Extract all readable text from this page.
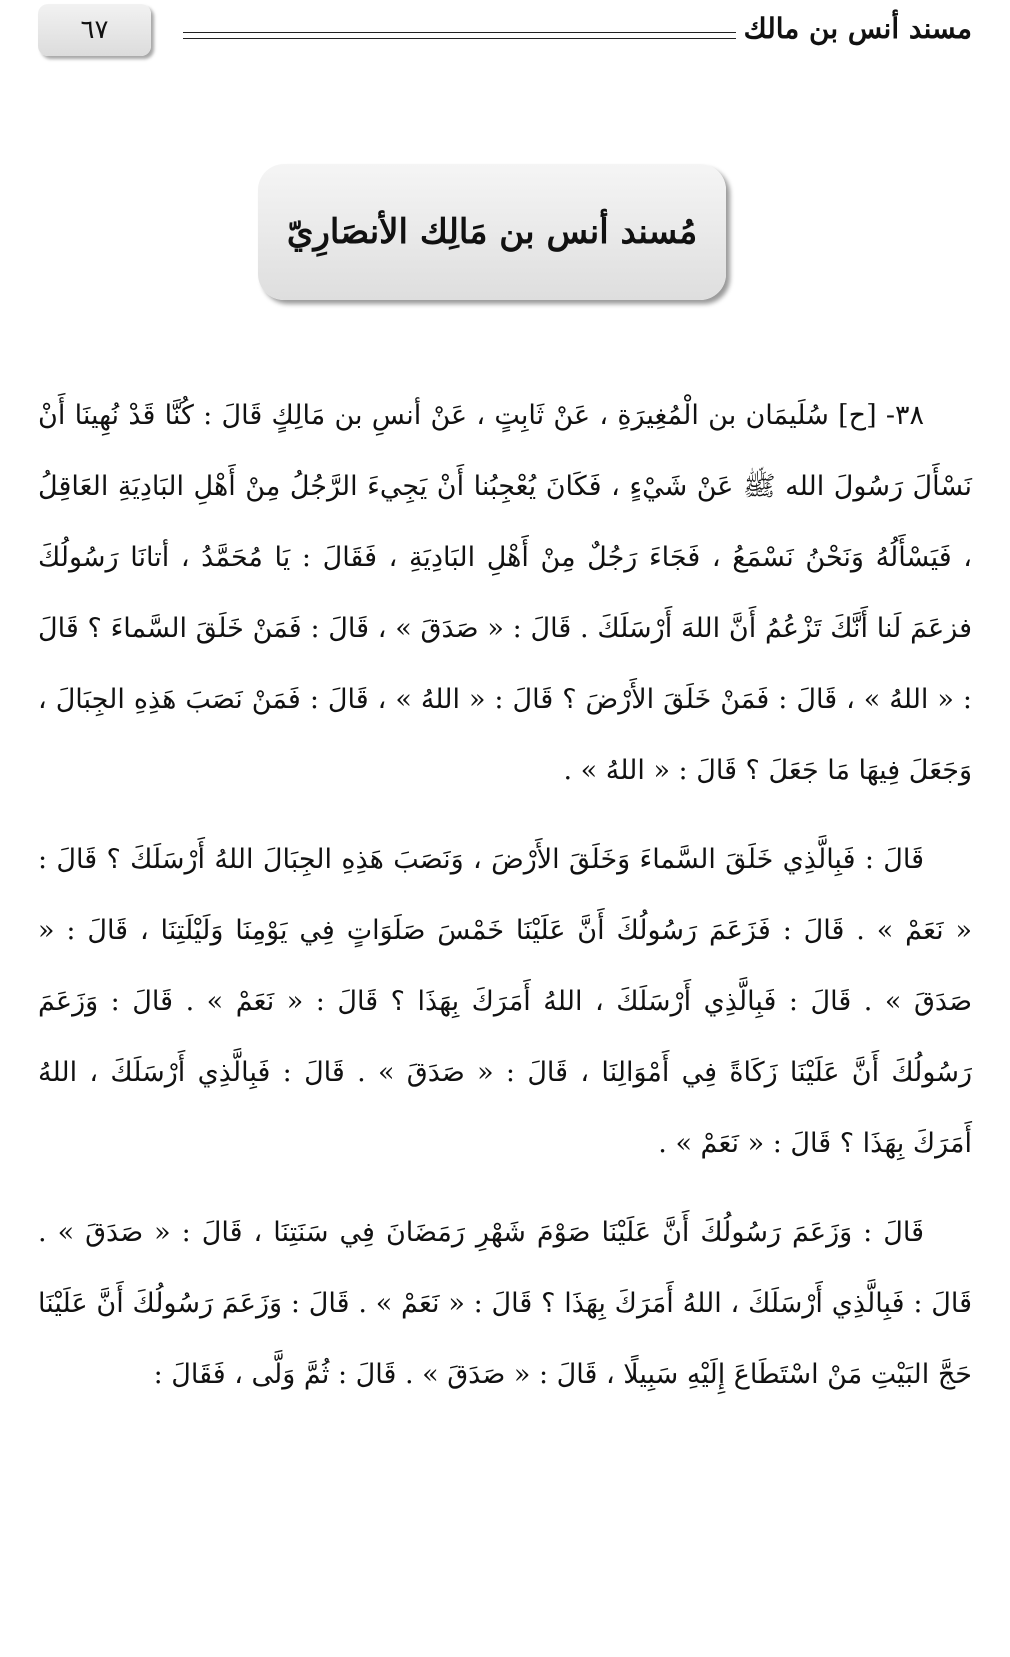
٦٧	مسند أنس بن مالك
مُسند أنس بن مَالِك الأنصَارِيّ

٣٨- [ح] سُلَيمَان بن الْمُغِيرَةِ ، عَنْ ثَابِتٍ ، عَنْ أنسِ بن مَالِكٍ قَالَ : كُنَّا قَدْ نُهِينَا أَنْ نَسْأَلَ رَسُولَ الله ﷺ عَنْ شَيْءٍ ، فَكَانَ يُعْجِبُنا أَنْ يَجِيءَ الرَّجُلُ مِنْ أَهْلِ البَادِيَةِ العَاقِلُ ، فَيَسْأَلُهُ وَنَحْنُ نَسْمَعُ ، فَجَاءَ رَجُلٌ مِنْ أَهْلِ البَادِيَةِ ، فَقَالَ : يَا مُحَمَّدُ ، أتانَا رَسُولُكَ فزعَمَ لَنا أَنَّكَ تَزْعُمُ أَنَّ اللهَ أَرْسَلَكَ . قَالَ : « صَدَقَ » ، قَالَ : فَمَنْ خَلَقَ السَّماءَ ؟ قَالَ : « اللهُ » ، قَالَ : فَمَنْ خَلَقَ الأَرْضَ ؟ قَالَ : « اللهُ » ، قَالَ : فَمَنْ نَصَبَ هَذِهِ الجِبَالَ ، وَجَعَلَ فِيهَا مَا جَعَلَ ؟ قَالَ : « اللهُ » .

قَالَ : فَبِالَّذِي خَلَقَ السَّماءَ وَخَلَقَ الأَرْضَ ، وَنَصَبَ هَذِهِ الجِبَالَ اللهُ أَرْسَلَكَ ؟ قَالَ : « نَعَمْ » . قَالَ : فَزَعَمَ رَسُولُكَ أَنَّ عَلَيْنَا خَمْسَ صَلَوَاتٍ فِي يَوْمِنَا وَلَيْلَتِنَا ، قَالَ : « صَدَقَ » . قَالَ : فَبِالَّذِي أَرْسَلَكَ ، اللهُ أَمَرَكَ بِهَذَا ؟ قَالَ : « نَعَمْ » . قَالَ : وَزَعَمَ رَسُولُكَ أَنَّ عَلَيْنَا زَكَاةً فِي أَمْوَالِنَا ، قَالَ : « صَدَقَ » . قَالَ : فَبِالَّذِي أَرْسَلَكَ ، اللهُ أَمَرَكَ بِهَذَا ؟ قَالَ : « نَعَمْ » .

قَالَ : وَزَعَمَ رَسُولُكَ أَنَّ عَلَيْنَا صَوْمَ شَهْرِ رَمَضَانَ فِي سَنَتِنَا ، قَالَ : « صَدَقَ » . قَالَ : فَبِالَّذِي أَرْسَلَكَ ، اللهُ أَمَرَكَ بِهَذَا ؟ قَالَ : « نَعَمْ » . قَالَ : وَزَعَمَ رَسُولُكَ أَنَّ عَلَيْنَا حَجَّ البَيْتِ مَنْ اسْتَطَاعَ إِلَيْهِ سَبِيلًا ، قَالَ : « صَدَقَ » . قَالَ : ثُمَّ وَلَّى ، فَقَالَ :
